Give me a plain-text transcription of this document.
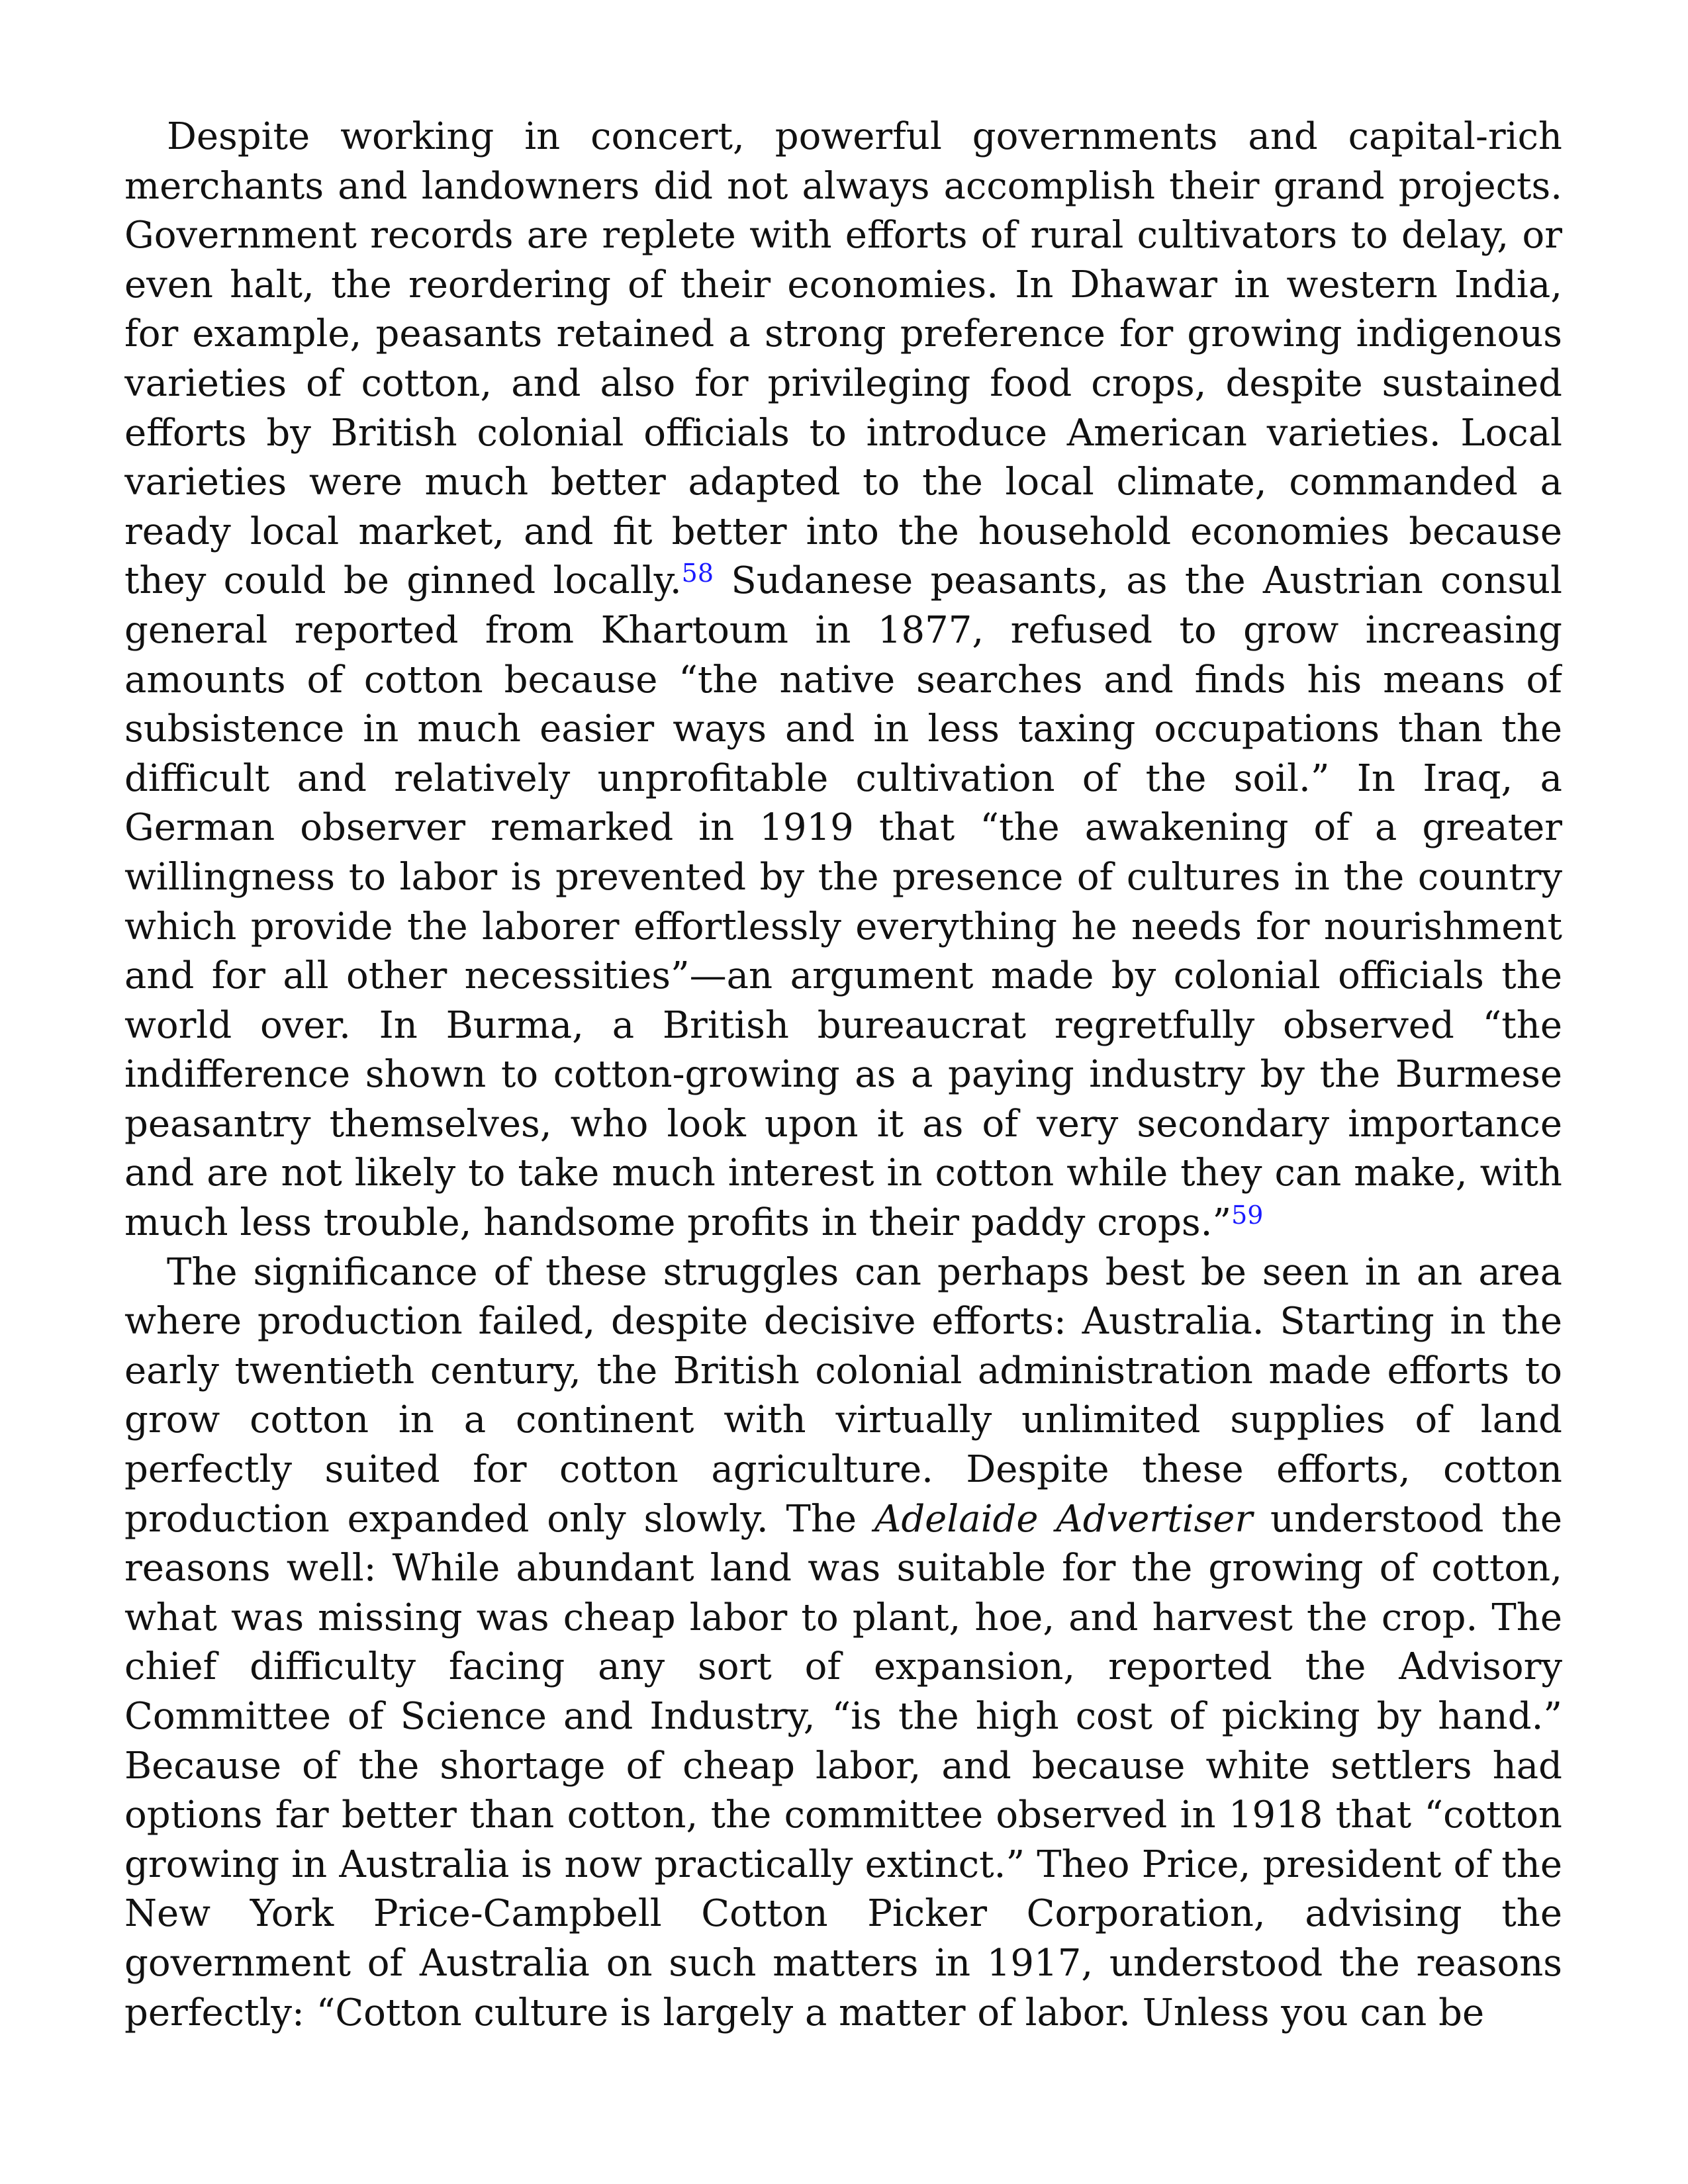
Despite working in concert, powerful governments and capital-rich merchants and landowners did not always accomplish their grand projects. Government records are replete with efforts of rural cultivators to delay, or even halt, the reordering of their economies. In Dhawar in western India, for example, peasants retained a strong preference for growing indigenous varieties of cotton, and also for privileging food crops, despite sustained efforts by British colonial officials to introduce American varieties. Local varieties were much better adapted to the local climate, commanded a ready local market, and fit better into the household economies because they could be ginned locally.$^{58}$ Sudanese peasants, as the Austrian consul general reported from Khartoum in 1877, refused to grow increasing amounts of cotton because “the native searches and finds his means of subsistence in much easier ways and in less taxing occupations than the difficult and relatively unprofitable cultivation of the soil.” In Iraq, a German observer remarked in 1919 that “the awakening of a greater willingness to labor is prevented by the presence of cultures in the country which provide the laborer effortlessly everything he needs for nourishment and for all other necessities”—an argument made by colonial officials the world over. In Burma, a British bureaucrat regretfully observed “the indifference shown to cotton-growing as a paying industry by the Burmese peasantry themselves, who look upon it as of very secondary importance and are not likely to take much interest in cotton while they can make, with much less trouble, handsome profits in their paddy crops.”$^{59}$

The significance of these struggles can perhaps best be seen in an area where production failed, despite decisive efforts: Australia. Starting in the early twentieth century, the British colonial administration made efforts to grow cotton in a continent with virtually unlimited supplies of land perfectly suited for cotton agriculture. Despite these efforts, cotton production expanded only slowly. The Adelaide Advertiser understood the reasons well: While abundant land was suitable for the growing of cotton, what was missing was cheap labor to plant, hoe, and harvest the crop. The chief difficulty facing any sort of expansion, reported the Advisory Committee of Science and Industry, “is the high cost of picking by hand.” Because of the shortage of cheap labor, and because white settlers had options far better than cotton, the committee observed in 1918 that “cotton growing in Australia is now practically extinct.” Theo Price, president of the New York Price-Campbell Cotton Picker Corporation, advising the government of Australia on such matters in 1917, understood the reasons perfectly: “Cotton culture is largely a matter of labor. Unless you can be
